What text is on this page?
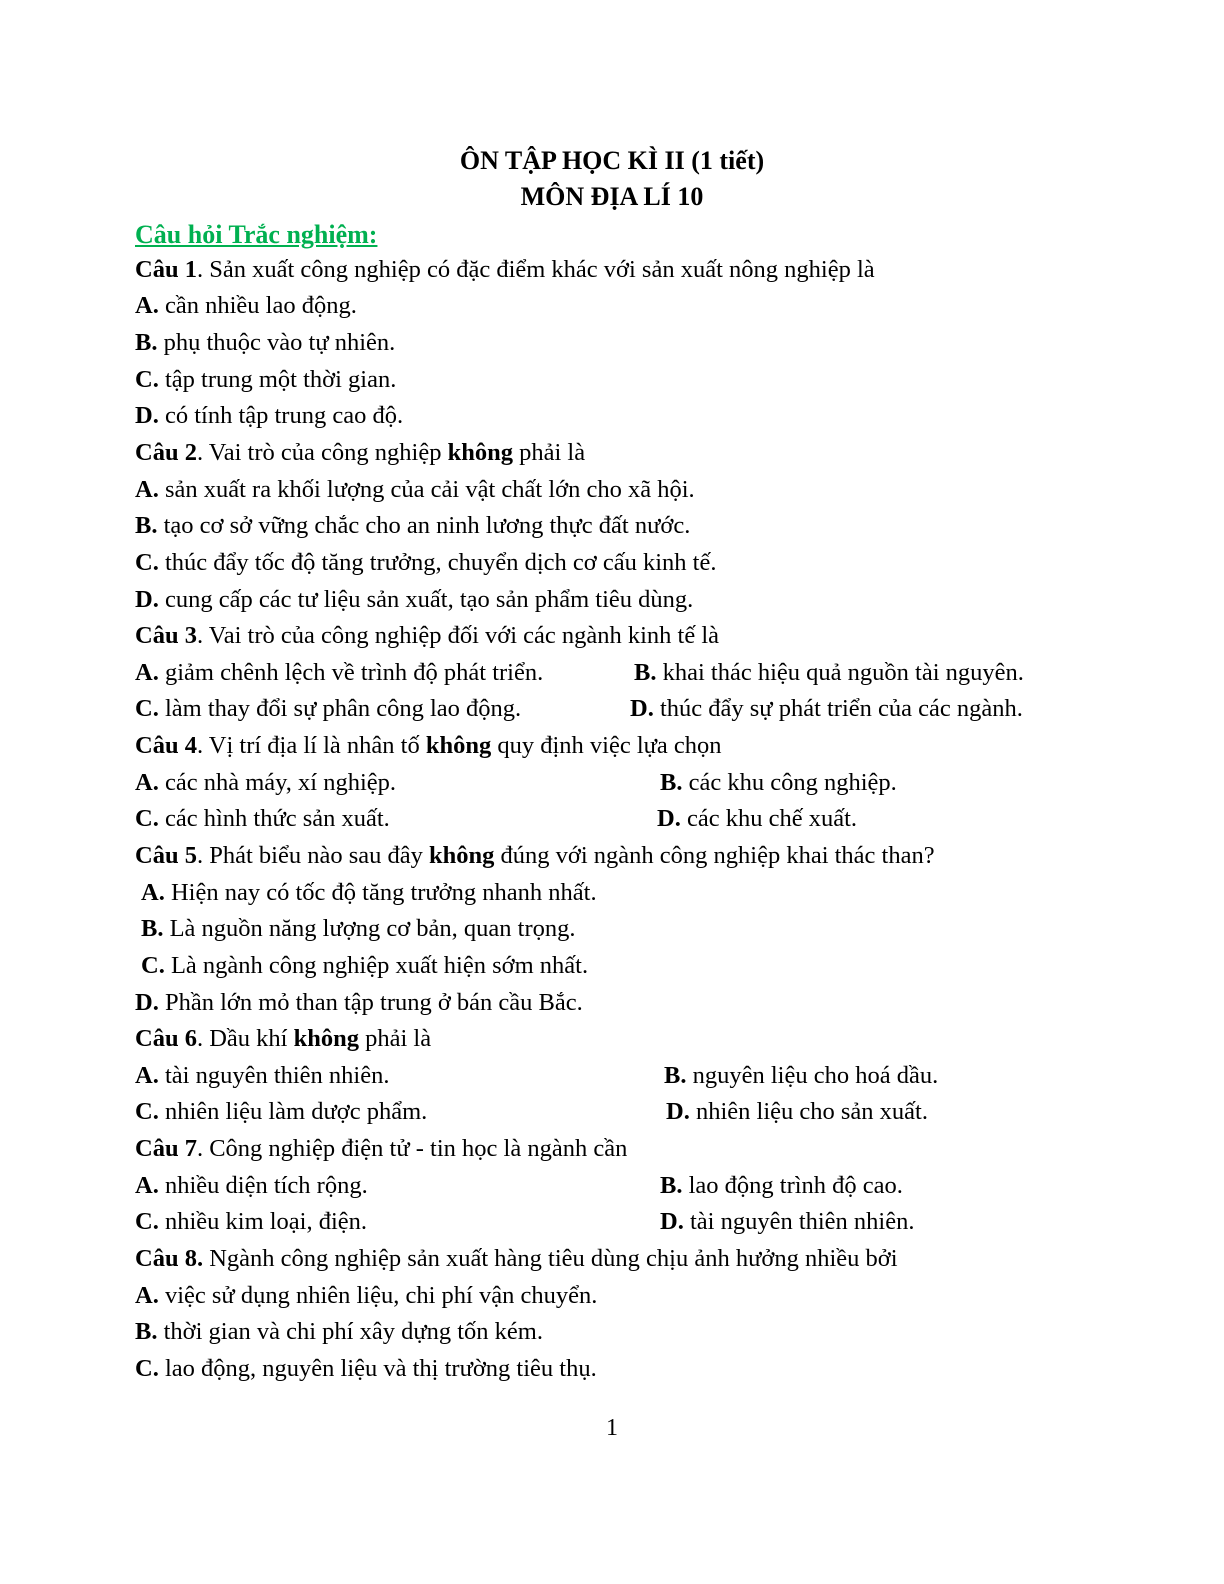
ÔN TẬP HỌC KÌ II (1 tiết)
MÔN ĐỊA LÍ 10
Câu hỏi Trắc nghiệm:
Câu 1. Sản xuất công nghiệp có đặc điểm khác với sản xuất nông nghiệp là
A. cần nhiều lao động.
B. phụ thuộc vào tự nhiên.
C. tập trung một thời gian.
D. có tính tập trung cao độ.
Câu 2. Vai trò của công nghiệp không phải là
A. sản xuất ra khối lượng của cải vật chất lớn cho xã hội.
B. tạo cơ sở vững chắc cho an ninh lương thực đất nước.
C. thúc đẩy tốc độ tăng trưởng, chuyển dịch cơ cấu kinh tế.
D. cung cấp các tư liệu sản xuất, tạo sản phẩm tiêu dùng.
Câu 3. Vai trò của công nghiệp đối với các ngành kinh tế là
A. giảm chênh lệch về trình độ phát triển.	B. khai thác hiệu quả nguồn tài nguyên.
C. làm thay đổi sự phân công lao động.	D. thúc đẩy sự phát triển của các ngành.
Câu 4. Vị trí địa lí là nhân tố không quy định việc lựa chọn
A. các nhà máy, xí nghiệp.	B. các khu công nghiệp.
C. các hình thức sản xuất.	D. các khu chế xuất.
Câu 5. Phát biểu nào sau đây không đúng với ngành công nghiệp khai thác than?
A. Hiện nay có tốc độ tăng trưởng nhanh nhất.
B. Là nguồn năng lượng cơ bản, quan trọng.
C. Là ngành công nghiệp xuất hiện sớm nhất.
D. Phần lớn mỏ than tập trung ở bán cầu Bắc.
Câu 6. Dầu khí không phải là
A. tài nguyên thiên nhiên.	B. nguyên liệu cho hoá dầu.
C. nhiên liệu làm dược phẩm.	D. nhiên liệu cho sản xuất.
Câu 7. Công nghiệp điện tử - tin học là ngành cần
A. nhiều diện tích rộng.	B. lao động trình độ cao.
C. nhiều kim loại, điện.	D. tài nguyên thiên nhiên.
Câu 8. Ngành công nghiệp sản xuất hàng tiêu dùng chịu ảnh hưởng nhiều bởi
A. việc sử dụng nhiên liệu, chi phí vận chuyển.
B. thời gian và chi phí xây dựng tốn kém.
C. lao động, nguyên liệu và thị trường tiêu thụ.
1
